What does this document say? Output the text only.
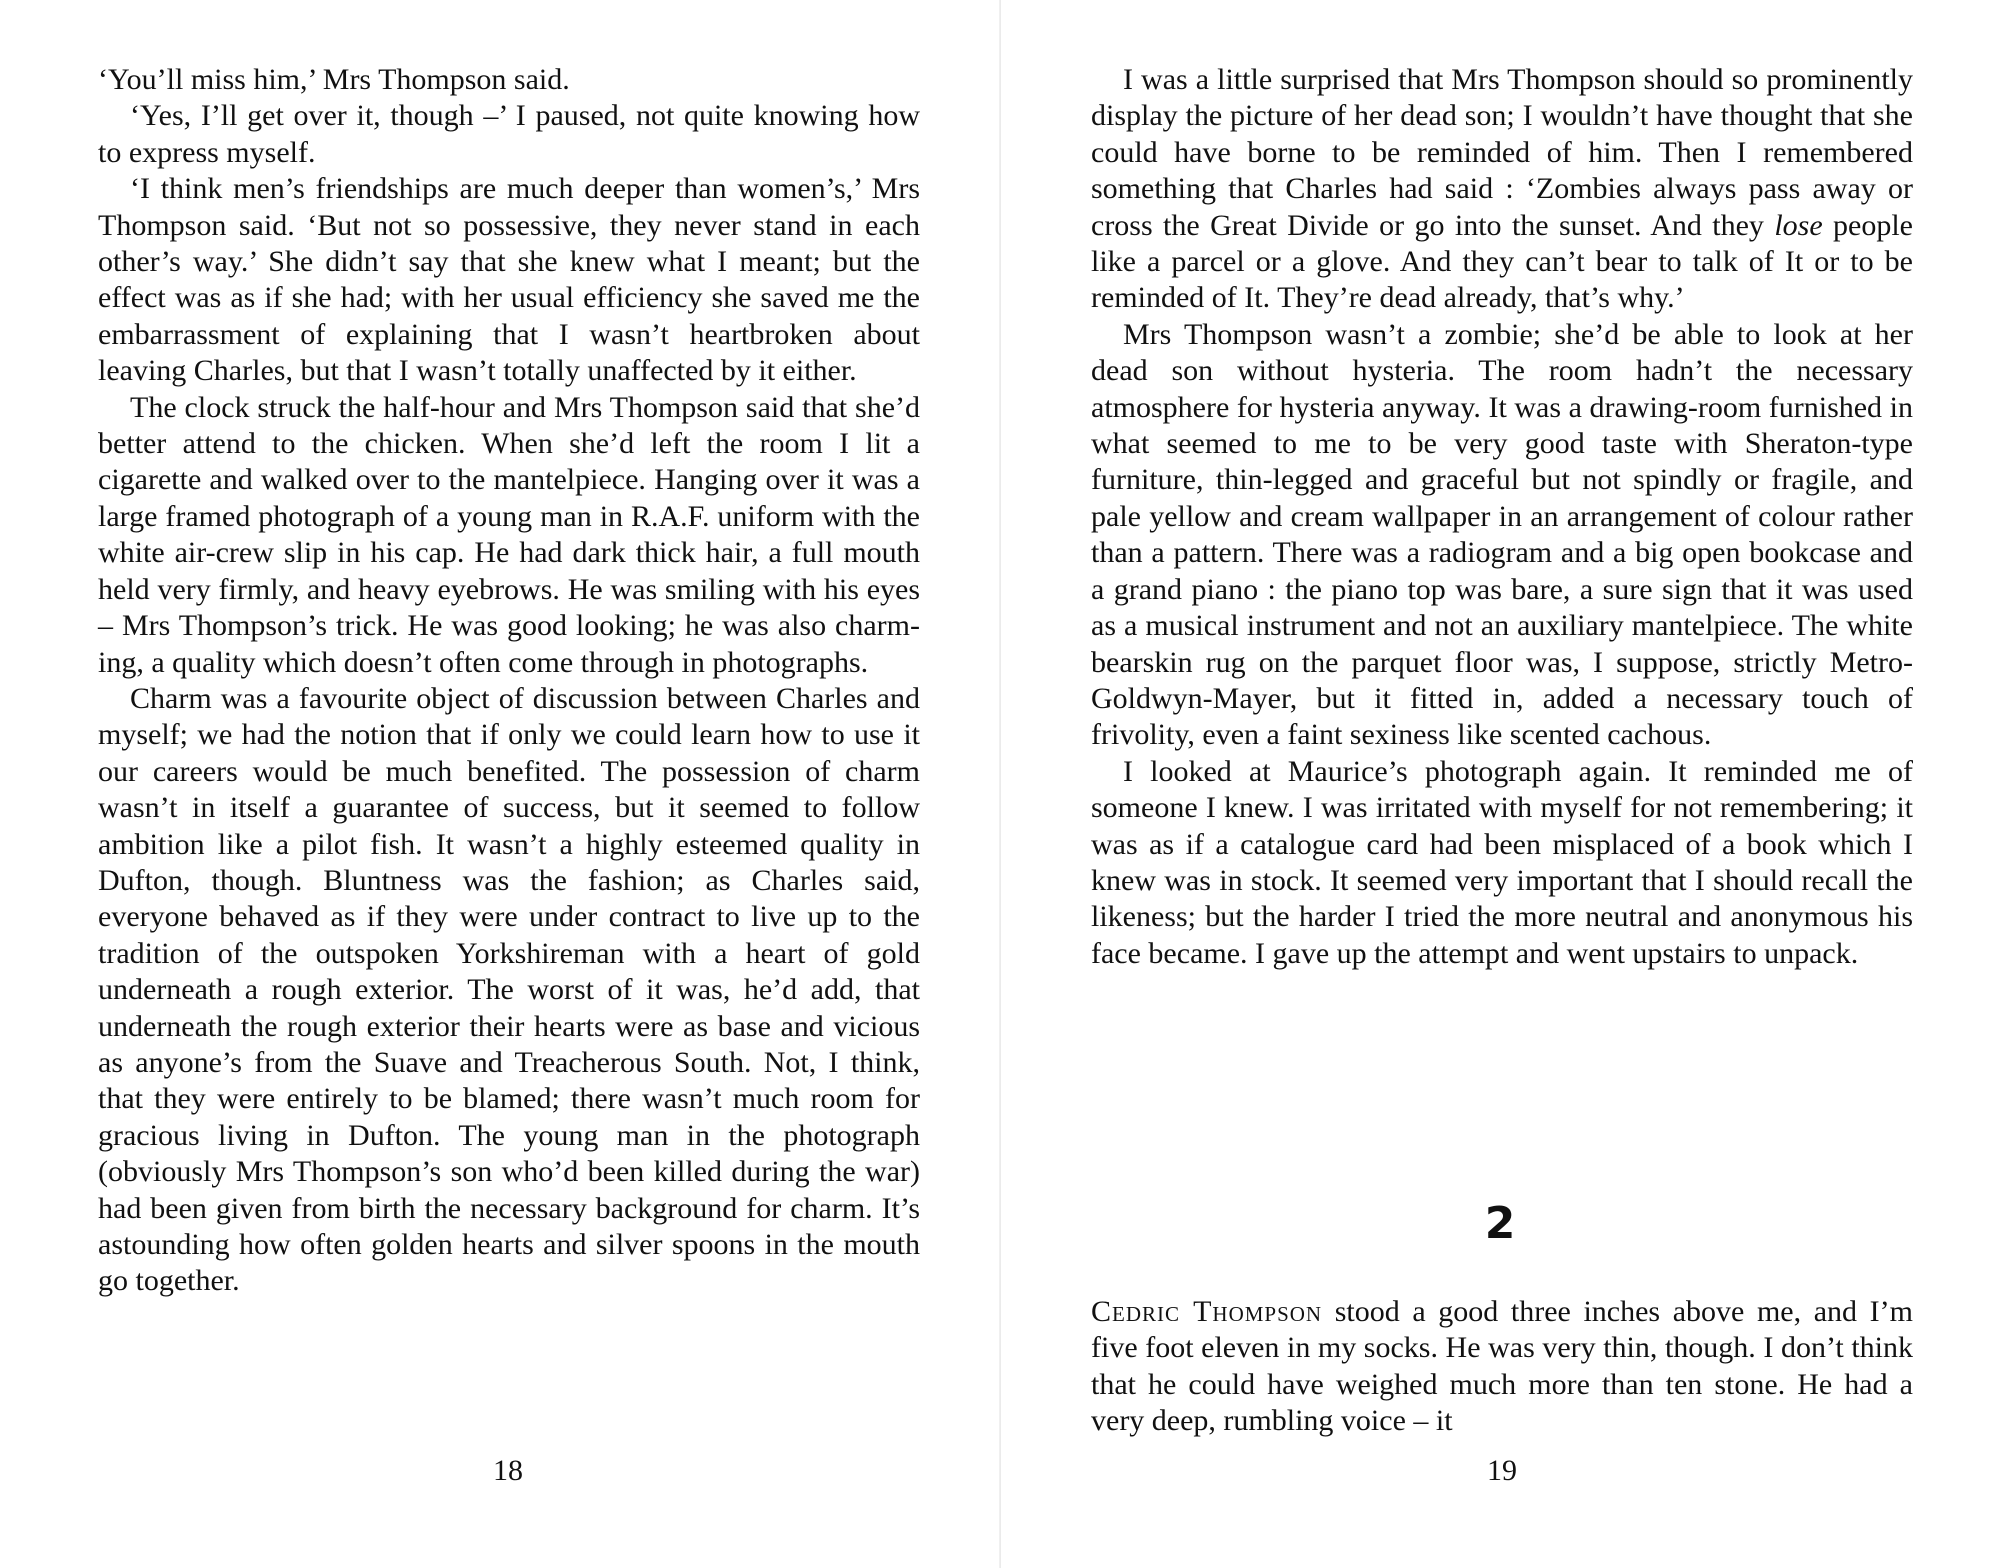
‘You’ll miss him,’ Mrs Thompson said.

‘Yes, I’ll get over it, though –’ I paused, not quite knowing how to express myself.

‘I think men’s friendships are much deeper than women’s,’ Mrs Thompson said. ‘But not so possessive, they never stand in each other’s way.’ She didn’t say that she knew what I meant; but the effect was as if she had; with her usual efficiency she saved me the embarrassment of explaining that I wasn’t heartbroken about leaving Charles, but that I wasn’t totally unaffected by it either.

The clock struck the half-hour and Mrs Thompson said that she’d better attend to the chicken. When she’d left the room I lit a cigarette and walked over to the mantelpiece. Hanging over it was a large framed photograph of a young man in R.A.F. uniform with the white air-crew slip in his cap. He had dark thick hair, a full mouth held very firmly, and heavy eyebrows. He was smiling with his eyes – Mrs Thompson’s trick. He was good looking; he was also charming, a quality which doesn’t often come through in photographs.

Charm was a favourite object of discussion between Charles and myself; we had the notion that if only we could learn how to use it our careers would be much benefited. The possession of charm wasn’t in itself a guarantee of success, but it seemed to follow ambition like a pilot fish. It wasn’t a highly esteemed quality in Dufton, though. Bluntness was the fashion; as Charles said, everyone behaved as if they were under contract to live up to the tradition of the outspoken Yorkshireman with a heart of gold underneath a rough exterior. The worst of it was, he’d add, that underneath the rough exterior their hearts were as base and vicious as anyone’s from the Suave and Treacherous South. Not, I think, that they were entirely to be blamed; there wasn’t much room for gracious living in Dufton. The young man in the photograph (obviously Mrs Thompson’s son who’d been killed during the war) had been given from birth the necessary background for charm. It’s astounding how often golden hearts and silver spoons in the mouth go together.

18

I was a little surprised that Mrs Thompson should so prominently display the picture of her dead son; I wouldn’t have thought that she could have borne to be reminded of him. Then I remembered something that Charles had said : ‘Zombies always pass away or cross the Great Divide or go into the sunset. And they lose people like a parcel or a glove. And they can’t bear to talk of It or to be reminded of It. They’re dead already, that’s why.’

Mrs Thompson wasn’t a zombie; she’d be able to look at her dead son without hysteria. The room hadn’t the necessary atmosphere for hysteria anyway. It was a drawing-room furnished in what seemed to me to be very good taste with Sheraton-type furniture, thin-legged and graceful but not spindly or fragile, and pale yellow and cream wallpaper in an arrangement of colour rather than a pattern. There was a radiogram and a big open bookcase and a grand piano : the piano top was bare, a sure sign that it was used as a musical instrument and not an auxiliary mantelpiece. The white bearskin rug on the parquet floor was, I suppose, strictly Metro-Goldwyn-Mayer, but it fitted in, added a necessary touch of frivolity, even a faint sexiness like scented cachous.

I looked at Maurice’s photograph again. It reminded me of someone I knew. I was irritated with myself for not remembering; it was as if a catalogue card had been misplaced of a book which I knew was in stock. It seemed very important that I should recall the likeness; but the harder I tried the more neutral and anonymous his face became. I gave up the attempt and went upstairs to unpack.

2

Cedric Thompson stood a good three inches above me, and I’m five foot eleven in my socks. He was very thin, though. I don’t think that he could have weighed much more than ten stone. He had a very deep, rumbling voice – it

19
